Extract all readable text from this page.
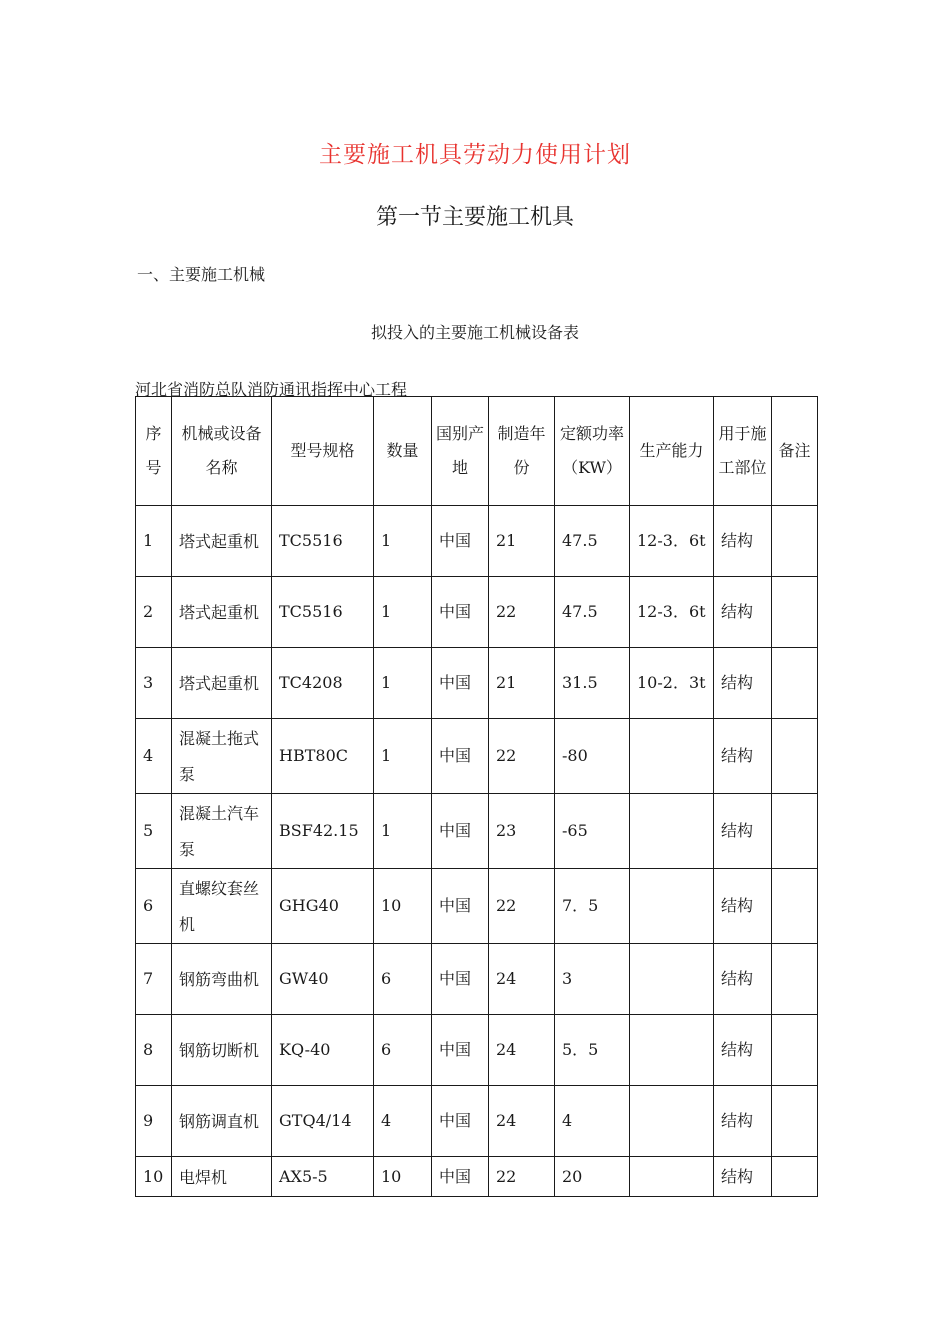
主要施工机具劳动力使用计划
第一节主要施工机具
一、主要施工机械
拟投入的主要施工机械设备表
河北省消防总队消防通讯指挥中心工程
序号	机械或设备名称	型号规格	数量	国别产地	制造年份	定额功率（KW）	生产能力	用于施工部位	备注
1	塔式起重机	TC5516	1	中国	21	47.5	12-3．6t	结构	
2	塔式起重机	TC5516	1	中国	22	47.5	12-3．6t	结构	
3	塔式起重机	TC4208	1	中国	21	31.5	10-2．3t	结构	
4	混凝土拖式泵	HBT80C	1	中国	22	-80		结构	
5	混凝土汽车泵	BSF42.15	1	中国	23	-65		结构	
6	直螺纹套丝机	GHG40	10	中国	22	7．5		结构	
7	钢筋弯曲机	GW40	6	中国	24	3		结构	
8	钢筋切断机	KQ-40	6	中国	24	5．5		结构	
9	钢筋调直机	GTQ4/14	4	中国	24	4		结构	
10	电焊机	AX5-5	10	中国	22	20		结构	
